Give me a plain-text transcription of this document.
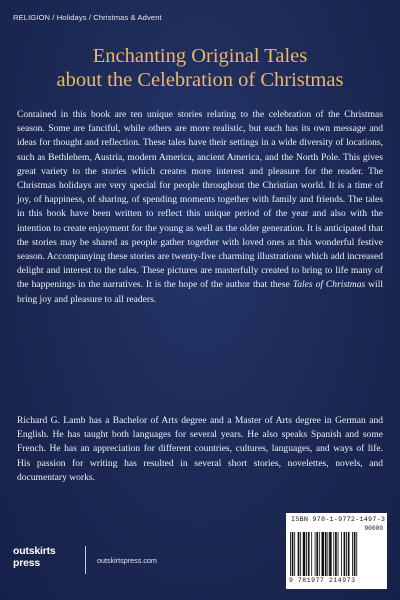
RELIGION / Holidays / Christmas & Advent
Enchanting Original Tales
about the Celebration of Christmas

Contained in this book are ten unique stories relating to the celebration of the Christmas season. Some are fanciful, while others are more realistic, but each has its own message and ideas for thought and reflection. These tales have their settings in a wide diversity of locations, such as Bethlehem, Austria, modern America, ancient America, and the North Pole. This gives great variety to the stories which creates more interest and pleasure for the reader. The Christmas holidays are very special for people throughout the Christian world. It is a time of joy, of happiness, of sharing, of spending moments together with family and friends. The tales in this book have been written to reflect this unique period of the year and also with the intention to create enjoyment for the young as well as the older generation. It is anticipated that the stories may be shared as people gather together with loved ones at this wonderful festive season. Accompanying these stories are twenty-five charming illustrations which add increased delight and interest to the tales. These pictures are masterfully created to bring to life many of the happenings in the narratives. It is the hope of the author that these Tales of Christmas will bring joy and pleasure to all readers.

Richard G. Lamb has a Bachelor of Arts degree and a Master of Arts degree in German and English. He has taught both languages for several years. He also speaks Spanish and some French. He has an appreciation for different countries, cultures, languages, and ways of life. His passion for writing has resulted in several short stories, novelettes, novels, and documentary works.

ISBN 978-1-9772-1497-3
90000
9 781977 214973
outskirts
press	outskirtspress.com
